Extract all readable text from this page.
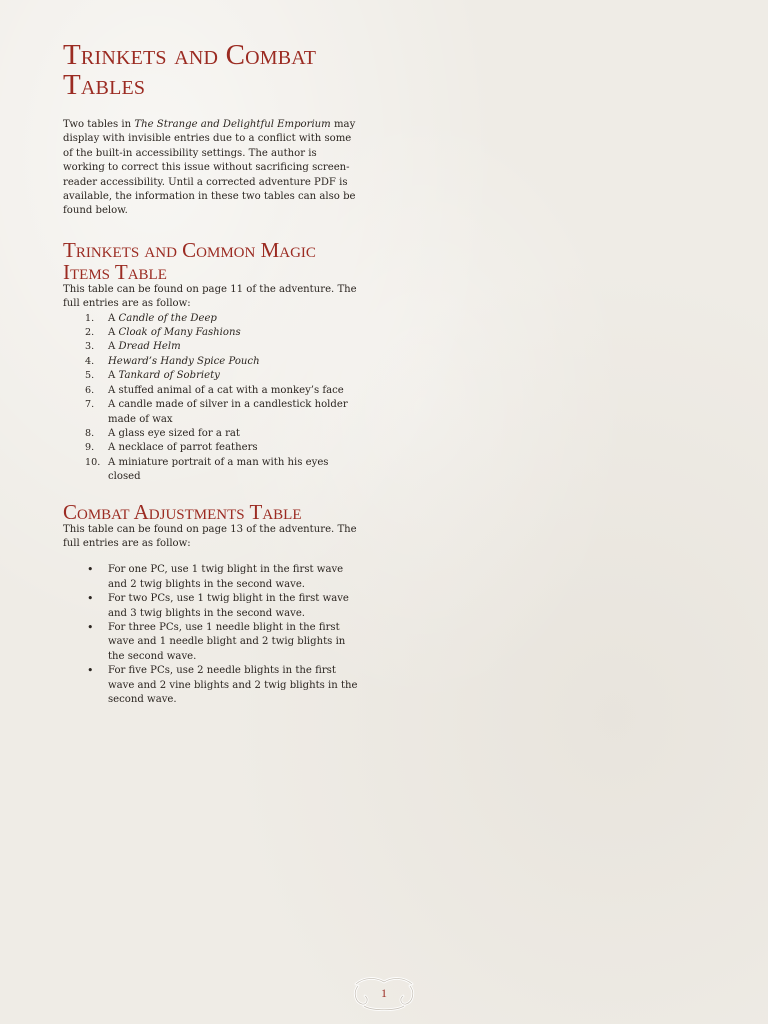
Trinkets and Combat Tables

Two tables in The Strange and Delightful Emporium may display with invisible entries due to a conflict with some of the built-in accessibility settings. The author is working to correct this issue without sacrificing screen-reader accessibility. Until a corrected adventure PDF is available, the information in these two tables can also be found below.

Trinkets and Common Magic Items Table

This table can be found on page 11 of the adventure. The full entries are as follow:

1.	A Candle of the Deep
2.	A Cloak of Many Fashions
3.	A Dread Helm
4.	Heward’s Handy Spice Pouch
5.	A Tankard of Sobriety
6.	A stuffed animal of a cat with a monkey’s face
7.	A candle made of silver in a candlestick holder made of wax
8.	A glass eye sized for a rat
9.	A necklace of parrot feathers
10. A miniature portrait of a man with his eyes closed
Combat Adjustments Table

This table can be found on page 13 of the adventure. The full entries are as follow:

• For one PC, use 1 twig blight in the first wave and 2 twig blights in the second wave.
• For two PCs, use 1 twig blight in the first wave and 3 twig blights in the second wave.
• For three PCs, use 1 needle blight in the first wave and 1 needle blight and 2 twig blights in the second wave.
• For five PCs, use 2 needle blights in the first wave and 2 vine blights and 2 twig blights in the second wave.
1
